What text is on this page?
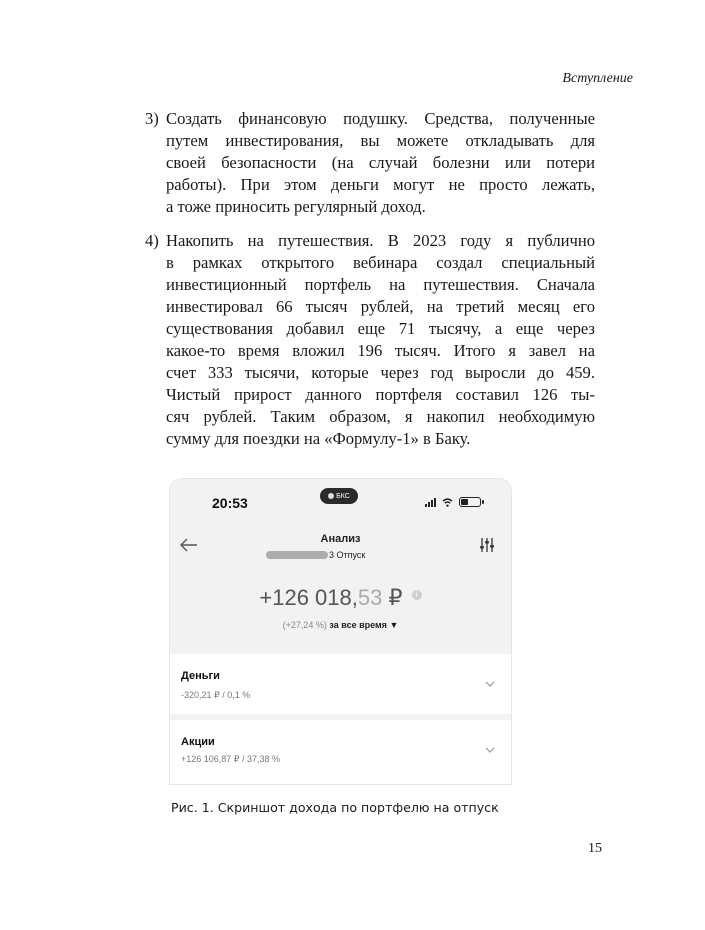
Вступление
3) Создать финансовую подушку. Средства, полученные
путем инвестирования, вы можете откладывать для
своей безопасности (на случай болезни или потери
работы). При этом деньги могут не просто лежать,
а тоже приносить регулярный доход.
4) Накопить на путешествия. В 2023 году я публично
в рамках открытого вебинара создал специальный
инвестиционный портфель на путешествия. Сначала
инвестировал 66 тысяч рублей, на третий месяц его
существования добавил еще 71 тысячу, а еще через
какое-то время вложил 196 тысяч. Итого я завел на
счет 333 тысячи, которые через год выросли до 459.
Чистый прирост данного портфеля составил 126 ты-
сяч рублей. Таким образом, я накопил необходимую
сумму для поездки на «Формулу-1» в Баку.
20:53	БКС
Анализ
3 Отпуск
+126 018,53 ₽ i
(+27,24 %) за все время ▼
Деньги
-320,21 ₽ / 0,1 %
Акции
+126 106,87 ₽ / 37,38 %
Рис. 1. Скриншот дохода по портфелю на отпуск
15
